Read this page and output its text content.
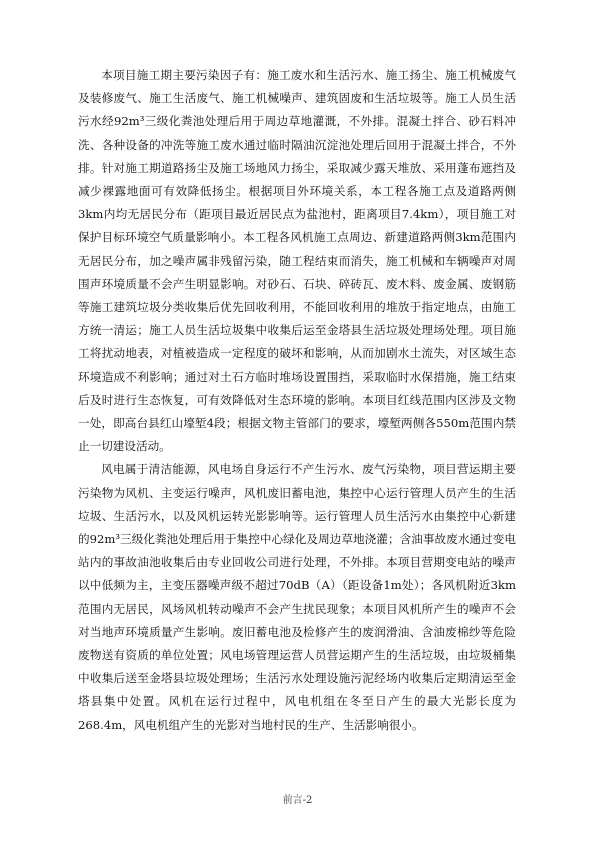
本项目施工期主要污染因子有：施工废水和生活污水、施工扬尘、施工机械废气及装修废气、施工生活废气、施工机械噪声、建筑固废和生活垃圾等。施工人员生活污水经92m³三级化粪池处理后用于周边草地灌溉，不外排。混凝土拌合、砂石料冲洗、各种设备的冲洗等施工废水通过临时隔油沉淀池处理后回用于混凝土拌合，不外排。针对施工期道路扬尘及施工场地风力扬尘，采取减少露天堆放、采用蓬布遮挡及减少裸露地面可有效降低扬尘。根据项目外环境关系，本工程各施工点及道路两侧3km内均无居民分布（距项目最近居民点为盐池村，距离项目7.4km），项目施工对保护目标环境空气质量影响小。本工程各风机施工点周边、新建道路两侧3km范围内无居民分布，加之噪声属非残留污染，随工程结束而消失，施工机械和车辆噪声对周围声环境质量不会产生明显影响。对砂石、石块、碎砖瓦、废木料、废金属、废钢筋等施工建筑垃圾分类收集后优先回收利用，不能回收利用的堆放于指定地点，由施工方统一清运；施工人员生活垃圾集中收集后运至金塔县生活垃圾处理场处理。项目施工将扰动地表，对植被造成一定程度的破坏和影响，从而加剧水土流失，对区域生态环境造成不利影响；通过对土石方临时堆场设置围挡，采取临时水保措施，施工结束后及时进行生态恢复，可有效降低对生态环境的影响。本项目红线范围内区涉及文物一处，即高台县红山壕堑4段；根据文物主管部门的要求，壕堑两侧各550m范围内禁止一切建设活动。

风电属于清洁能源，风电场自身运行不产生污水、废气污染物，项目营运期主要污染物为风机、主变运行噪声，风机废旧蓄电池，集控中心运行管理人员产生的生活垃圾、生活污水，以及风机运转光影影响等。运行管理人员生活污水由集控中心新建的92m³三级化粪池处理后用于集控中心绿化及周边草地浇灌；含油事故废水通过变电站内的事故油池收集后由专业回收公司进行处理，不外排。本项目营期变电站的噪声以中低频为主，主变压器噪声级不超过70dB（A）（距设备1m处）；各风机附近3km范围内无居民，风场风机转动噪声不会产生扰民现象；本项目风机所产生的噪声不会对当地声环境质量产生影响。废旧蓄电池及检修产生的废润滑油、含油废棉纱等危险废物送有资质的单位处置；风电场管理运营人员营运期产生的生活垃圾，由垃圾桶集中收集后送至金塔县垃圾处理场；生活污水处理设施污泥经场内收集后定期清运至金塔县集中处置。风机在运行过程中，风电机组在冬至日产生的最大光影长度为268.4m，风电机组产生的光影对当地村民的生产、生活影响很小。

前言-2
